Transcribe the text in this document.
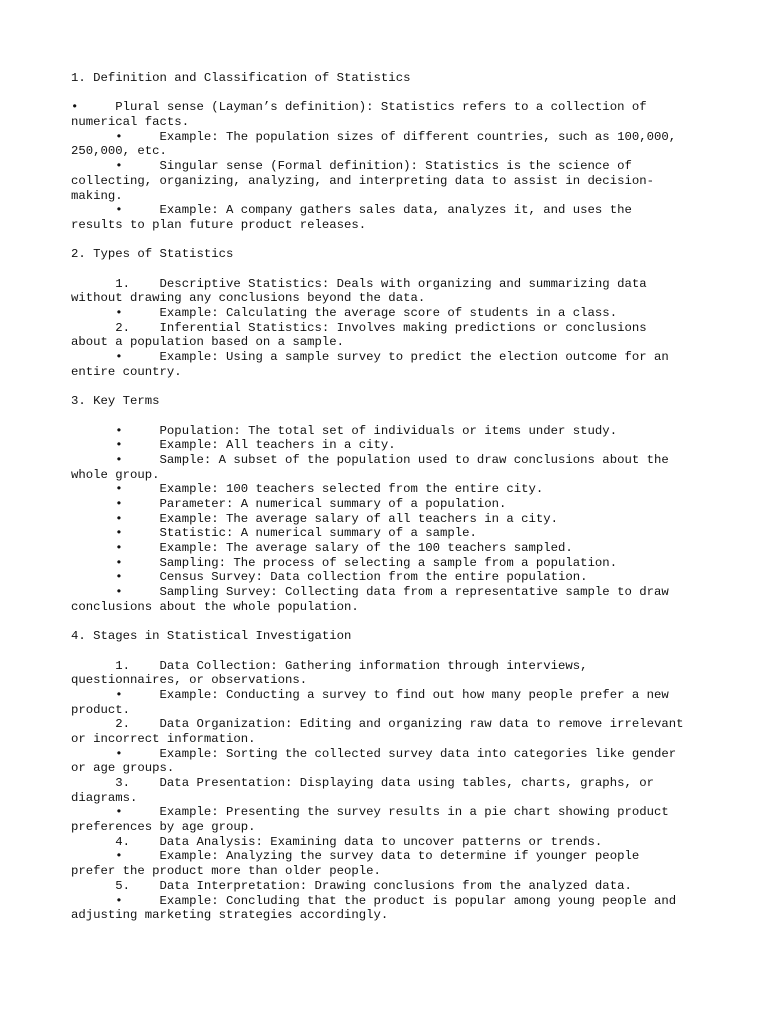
1. Definition and Classification of Statistics
•     Plural sense (Layman’s definition): Statistics refers to a collection of
numerical facts.
•     Example: The population sizes of different countries, such as 100,000,
250,000, etc.
•     Singular sense (Formal definition): Statistics is the science of
collecting, organizing, analyzing, and interpreting data to assist in decision-
making.
•     Example: A company gathers sales data, analyzes it, and uses the
results to plan future product releases.
2. Types of Statistics
1.    Descriptive Statistics: Deals with organizing and summarizing data
without drawing any conclusions beyond the data.
•     Example: Calculating the average score of students in a class.
2.    Inferential Statistics: Involves making predictions or conclusions
about a population based on a sample.
•     Example: Using a sample survey to predict the election outcome for an
entire country.
3. Key Terms
•     Population: The total set of individuals or items under study.
•     Example: All teachers in a city.
•     Sample: A subset of the population used to draw conclusions about the
whole group.
•     Example: 100 teachers selected from the entire city.
•     Parameter: A numerical summary of a population.
•     Example: The average salary of all teachers in a city.
•     Statistic: A numerical summary of a sample.
•     Example: The average salary of the 100 teachers sampled.
•     Sampling: The process of selecting a sample from a population.
•     Census Survey: Data collection from the entire population.
•     Sampling Survey: Collecting data from a representative sample to draw
conclusions about the whole population.
4. Stages in Statistical Investigation
1.    Data Collection: Gathering information through interviews,
questionnaires, or observations.
•     Example: Conducting a survey to find out how many people prefer a new
product.
2.    Data Organization: Editing and organizing raw data to remove irrelevant
or incorrect information.
•     Example: Sorting the collected survey data into categories like gender
or age groups.
3.    Data Presentation: Displaying data using tables, charts, graphs, or
diagrams.
•     Example: Presenting the survey results in a pie chart showing product
preferences by age group.
4.    Data Analysis: Examining data to uncover patterns or trends.
•     Example: Analyzing the survey data to determine if younger people
prefer the product more than older people.
5.    Data Interpretation: Drawing conclusions from the analyzed data.
•     Example: Concluding that the product is popular among young people and
adjusting marketing strategies accordingly.
